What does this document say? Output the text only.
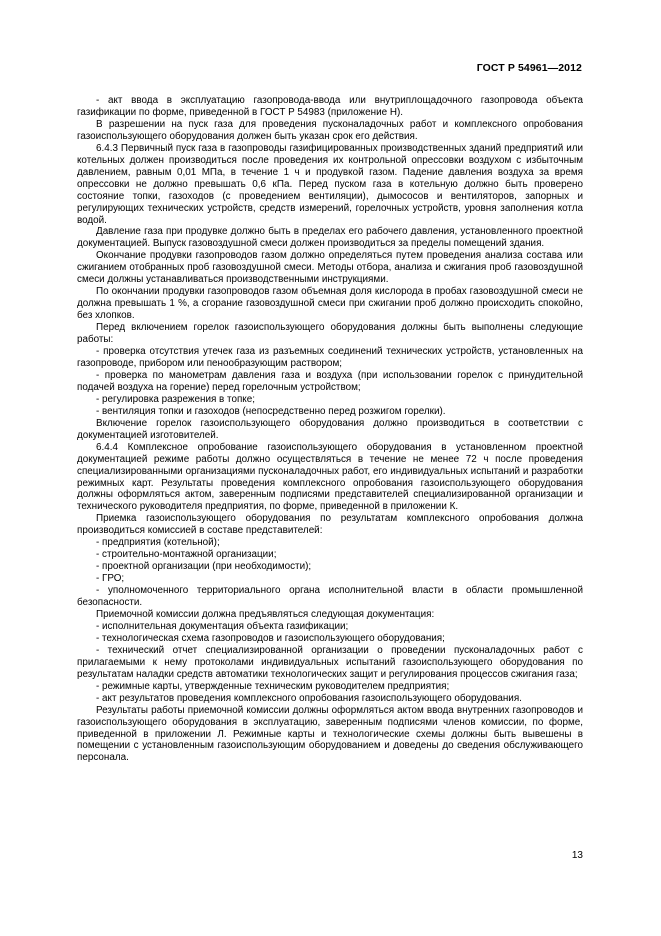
ГОСТ Р 54961—2012

- акт ввода в эксплуатацию газопровода-ввода или внутриплощадочного газопровода объекта газификации по форме, приведенной в ГОСТ Р 54983 (приложение Н).

В разрешении на пуск газа для проведения пусконаладочных работ и комплексного опробования газоиспользующего оборудования должен быть указан срок его действия.

6.4.3 Первичный пуск газа в газопроводы газифицированных производственных зданий предприятий или котельных должен производиться после проведения их контрольной опрессовки воздухом с избыточным давлением, равным 0,01 МПа, в течение 1 ч и продувкой газом. Падение давления воздуха за время опрессовки не должно превышать 0,6 кПа. Перед пуском газа в котельную должно быть проверено состояние топки, газоходов (с проведением вентиляции), дымососов и вентиляторов, запорных и регулирующих технических устройств, средств измерений, горелочных устройств, уровня заполнения котла водой.

Давление газа при продувке должно быть в пределах его рабочего давления, установленного проектной документацией. Выпуск газовоздушной смеси должен производиться за пределы помещений здания.

Окончание продувки газопроводов газом должно определяться путем проведения анализа состава или сжиганием отобранных проб газовоздушной смеси. Методы отбора, анализа и сжигания проб газовоздушной смеси должны устанавливаться производственными инструкциями.

По окончании продувки газопроводов газом объемная доля кислорода в пробах газовоздушной смеси не должна превышать 1 %, а сгорание газовоздушной смеси при сжигании проб должно происходить спокойно, без хлопков.

Перед включением горелок газоиспользующего оборудования должны быть выполнены следующие работы:

- проверка отсутствия утечек газа из разъемных соединений технических устройств, установленных на газопроводе, прибором или пенообразующим раствором;

- проверка по манометрам давления газа и воздуха (при использовании горелок с принудительной подачей воздуха на горение) перед горелочным устройством;

- регулировка разрежения в топке;

- вентиляция топки и газоходов (непосредственно перед розжигом горелки).

Включение горелок газоиспользующего оборудования должно производиться в соответствии с документацией изготовителей.

6.4.4 Комплексное опробование газоиспользующего оборудования в установленном проектной документацией режиме работы должно осуществляться в течение не менее 72 ч после проведения специализированными организациями пусконаладочных работ, его индивидуальных испытаний и разработки режимных карт. Результаты проведения комплексного опробования газоиспользующего оборудования должны оформляться актом, заверенным подписями представителей специализированной организации и технического руководителя предприятия, по форме, приведенной в приложении К.

Приемка газоиспользующего оборудования по результатам комплексного опробования должна производиться комиссией в составе представителей:

- предприятия (котельной);

- строительно-монтажной организации;

- проектной организации (при необходимости);

- ГРО;

- уполномоченного территориального органа исполнительной власти в области промышленной безопасности.

Приемочной комиссии должна предъявляться следующая документация:

- исполнительная документация объекта газификации;

- технологическая схема газопроводов и газоиспользующего оборудования;

- технический отчет специализированной организации о проведении пусконаладочных работ с прилагаемыми к нему протоколами индивидуальных испытаний газоиспользующего оборудования по результатам наладки средств автоматики технологических защит и регулирования процессов сжигания газа;

- режимные карты, утвержденные техническим руководителем предприятия;

- акт результатов проведения комплексного опробования газоиспользующего оборудования.

Результаты работы приемочной комиссии должны оформляться актом ввода внутренних газопроводов и газоиспользующего оборудования в эксплуатацию, заверенным подписями членов комиссии, по форме, приведенной в приложении Л. Режимные карты и технологические схемы должны быть вывешены в помещении с установленным газоиспользующим оборудованием и доведены до сведения обслуживающего персонала.

13
